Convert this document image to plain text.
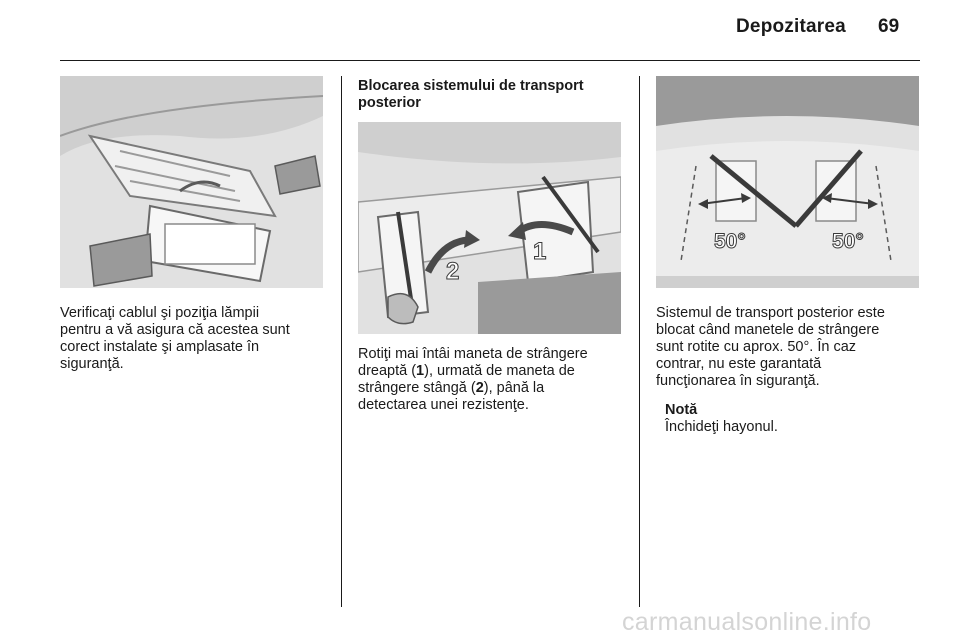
Depozitarea 69

Verificaţi cablul şi poziţia lămpii
pentru a vă asigura că acestea sunt
corect instalate şi amplasate în
siguranţă.

Blocarea sistemului de transport
posterior

1
2

Rotiţi mai întâi maneta de strângere
dreaptă (1), urmată de maneta de
strângere stângă (2), până la
detectarea unei rezistenţe.

50°	50°

Sistemul de transport posterior este
blocat când manetele de strângere
sunt rotite cu aprox. 50°. În caz
contrar, nu este garantată
funcţionarea în siguranţă.

Notă
Închideţi hayonul.
carmanualsonline.info
